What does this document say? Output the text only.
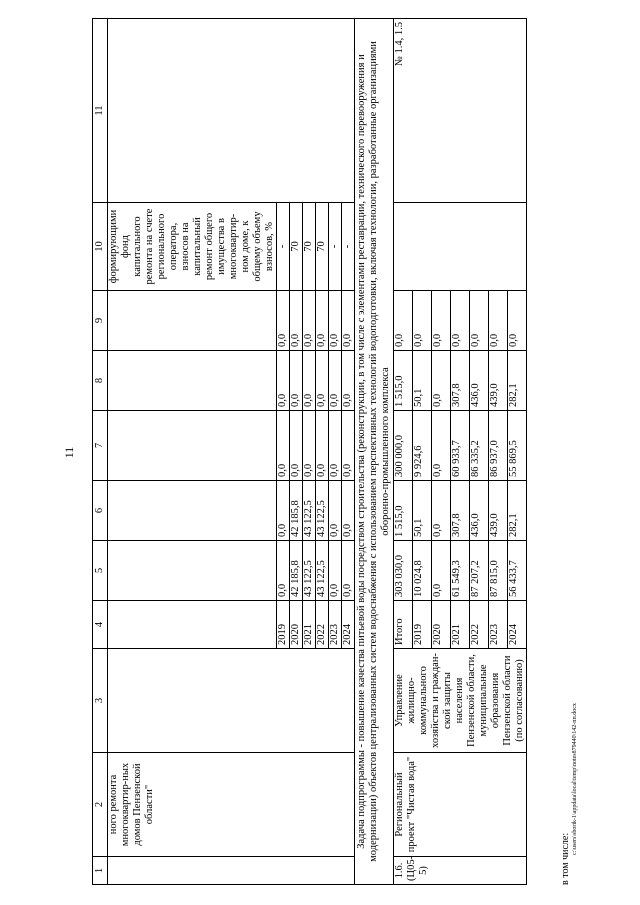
11
1	2	3	4	5	6	7	8	9	10	11
	ного ремонта многоквартир-ных домов Пензенской области"								формирующими фонд капитального ремонта на счете регионального оператора, взносов на капитальный ремонт общего имущества в многоквартир-ном доме, к общему объему взносов, %	
			2019	0,0	0,0	0,0	0,0	0,0	-	
			2020	42 185,8	42 185,8	0,0	0,0	0,0	70	
			2021	43 122,5	43 122,5	0,0	0,0	0,0	70	
			2022	43 122,5	43 122,5	0,0	0,0	0,0	70	
			2023	0,0	0,0	0,0	0,0	0,0	-	
			2024	0,0	0,0	0,0	0,0	0,0	-	
Задача подпрограммы - повышение качества питьевой воды посредством строительства (реконструкции, в том числе с элементами реставрации, технического перевооружения и модернизации) объектов централизованных систем водоснабжения с использованием перспективных технологий водоподготовки, включая технологии, разработанные организациями оборонно-промышленного комплекса										

1.6. (Ц05-5)	Региональный проект "Чистая вода"	Управление жилищно-коммунального хозяйства и граждан-ской защиты населения Пензенской области, муниципальные образования Пензенской области (по согласованию)	Итого	303 030,0	1 515,0	300 000,0	1 515,0	0,0		№ 1.4, 1.5
			2019	10 024,8	50,1	9 924,6	50,1	0,0		
			2020	0,0	0,0	0,0	0,0	0,0		
			2021	61 549,3	307,8	60 933,7	307,8	0,0		
			2022	87 207,2	436,0	86 335,2	436,0	0,0		
			2023	87 815,0	439,0	86 937,0	439,0	0,0		
			2024	56 433,7	282,1	55 869,5	282,1	0,0		
в том числе:
c:\users\sborik-1\appdata\local\temp\notes879440\142-пп.docx
